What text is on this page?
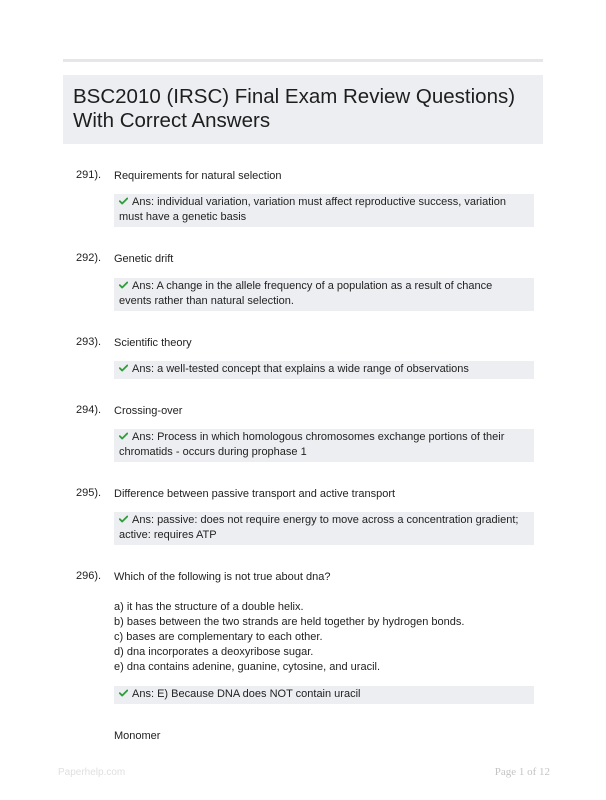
BSC2010 (IRSC) Final Exam Review Questions)
With Correct Answers
291). Requirements for natural selection
Ans: individual variation, variation must affect reproductive success, variation must have a genetic basis
292). Genetic drift
Ans: A change in the allele frequency of a population as a result of chance events rather than natural selection.
293). Scientific theory
Ans: a well-tested concept that explains a wide range of observations
294). Crossing-over
Ans: Process in which homologous chromosomes exchange portions of their chromatids - occurs during prophase 1
295). Difference between passive transport and active transport
Ans: passive: does not require energy to move across a concentration gradient; active: requires ATP
296). Which of the following is not true about dna?
a) it has the structure of a double helix.
b) bases between the two strands are held together by hydrogen bonds.
c) bases are complementary to each other.
d) dna incorporates a deoxyribose sugar.
e) dna contains adenine, guanine, cytosine, and uracil.
Ans: E) Because DNA does NOT contain uracil
Monomer
Paperhelp.com	Page 1 of 12
